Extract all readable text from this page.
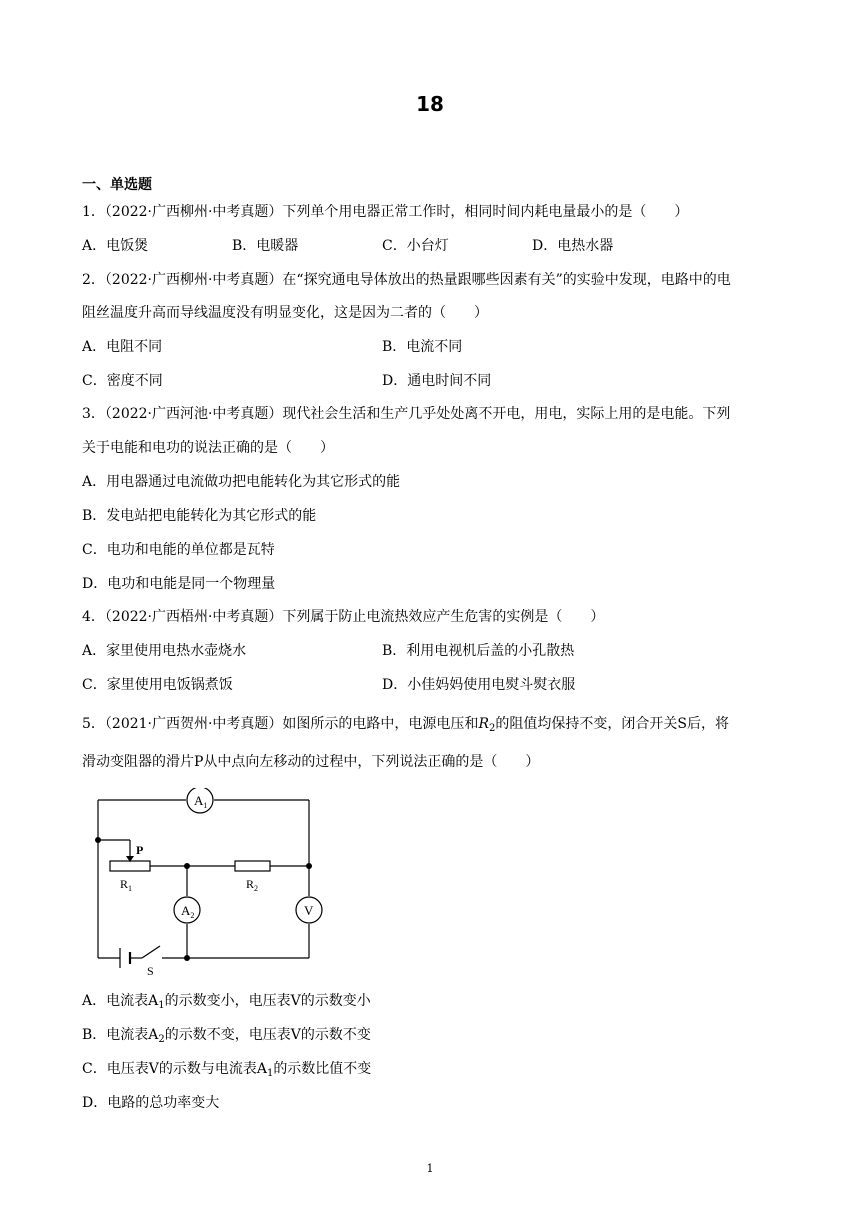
18
一、单选题
1．（2022·广西柳州·中考真题）下列单个用电器正常工作时，相同时间内耗电量最小的是（　　）
A．电饭煲	B．电暖器	C．小台灯	D．电热水器
2．（2022·广西柳州·中考真题）在“探究通电导体放出的热量跟哪些因素有关”的实验中发现，电路中的电
阻丝温度升高而导线温度没有明显变化，这是因为二者的（　　）
A．电阻不同	B．电流不同
C．密度不同	D．通电时间不同
3．（2022·广西河池·中考真题）现代社会生活和生产几乎处处离不开电，用电，实际上用的是电能。下列
关于电能和电功的说法正确的是（　　）
A．用电器通过电流做功把电能转化为其它形式的能
B．发电站把电能转化为其它形式的能
C．电功和电能的单位都是瓦特
D．电功和电能是同一个物理量
4．（2022·广西梧州·中考真题）下列属于防止电流热效应产生危害的实例是（　　）
A．家里使用电热水壶烧水	B．利用电视机后盖的小孔散热
C．家里使用电饭锅煮饭	D．小佳妈妈使用电熨斗熨衣服
5．（2021·广西贺州·中考真题）如图所示的电路中，电源电压和$R_2$的阻值均保持不变，闭合开关S后，将
滑动变阻器的滑片P从中点向左移动的过程中，下列说法正确的是（　　）
$A_1$
$A_2$	V
P
$R_1$	$R_2$
S
A．电流表$A_1$的示数变小，电压表V的示数变小
B．电流表$A_2$的示数不变，电压表V的示数不变
C．电压表V的示数与电流表$A_1$的示数比值不变
D．电路的总功率变大
1
